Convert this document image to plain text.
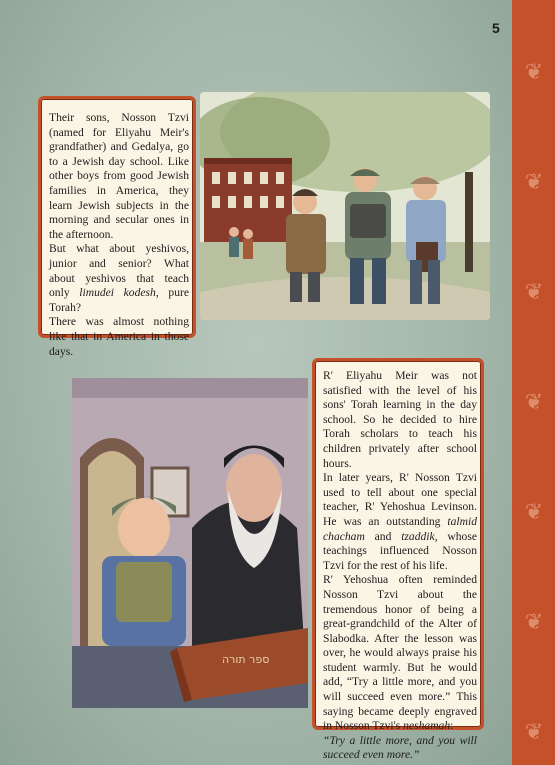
❦
❦
❦
❦
❦
❦
❦
5

Their sons, Nosson Tzvi (named for Eliyahu Meir's grandfather) and Gedalya, go to a Jewish day school. Like other boys from good Jewish families in America, they learn Jewish subjects in the morning and secular ones in the afternoon.

But what about yeshivos, junior and senior? What about yeshivos that teach only limudei kodesh, pure Torah?

There was almost nothing like that in America in those days.

ספר תורה

R' Eliyahu Meir was not satisfied with the level of his sons' Torah learning in the day school. So he decided to hire Torah scholars to teach his children privately after school hours.

In later years, R' Nosson Tzvi used to tell about one special teacher, R' Yehoshua Levinson. He was an outstanding talmid chacham and tzaddik, whose teachings influenced Nosson Tzvi for the rest of his life.

R' Yehoshua often reminded Nosson Tzvi about the tremendous honor of being a great-grandchild of the Alter of Slabodka. After the lesson was over, he would always praise his student warmly. But he would add, “Try a little more, and you will succeed even more.” This saying became deeply engraved in Nosson Tzvi's neshamah:

“Try a little more, and you will succeed even more.”
